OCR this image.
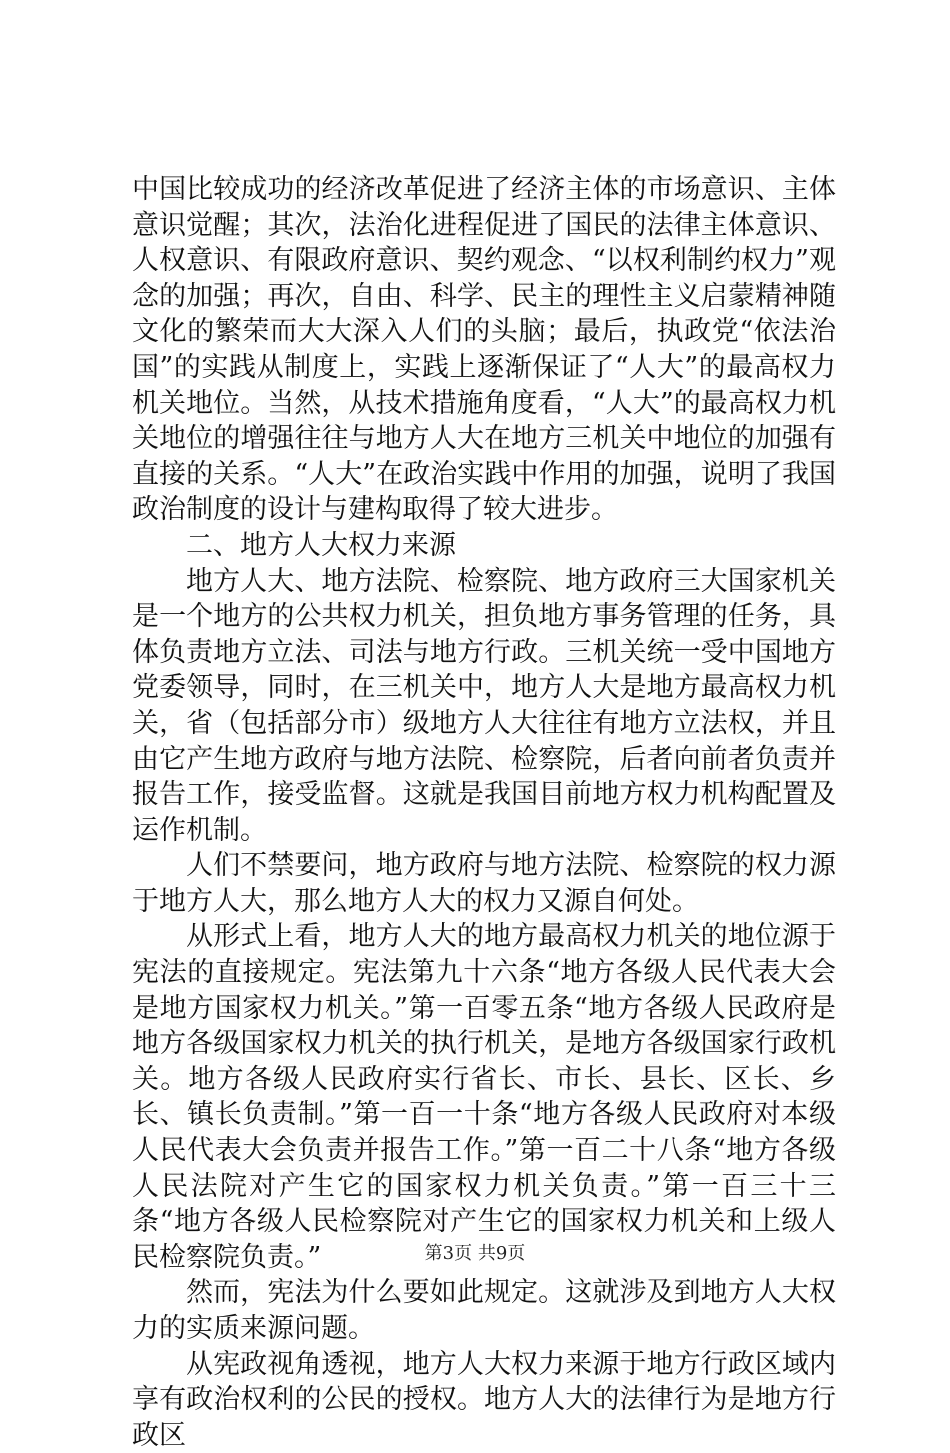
中国比较成功的经济改革促进了经济主体的市场意识、主体意识觉醒；其次，法治化进程促进了国民的法律主体意识、人权意识、有限政府意识、契约观念、“以权利制约权力”观念的加强；再次，自由、科学、民主的理性主义启蒙精神随文化的繁荣而大大深入人们的头脑；最后，执政党“依法治国”的实践从制度上，实践上逐渐保证了“人大”的最高权力机关地位。当然，从技术措施角度看，“人大”的最高权力机关地位的增强往往与地方人大在地方三机关中地位的加强有直接的关系。“人大”在政治实践中作用的加强，说明了我国政治制度的设计与建构取得了较大进步。

二、地方人大权力来源

地方人大、地方法院、检察院、地方政府三大国家机关是一个地方的公共权力机关，担负地方事务管理的任务，具体负责地方立法、司法与地方行政。三机关统一受中国地方党委领导，同时，在三机关中，地方人大是地方最高权力机关，省（包括部分市）级地方人大往往有地方立法权，并且由它产生地方政府与地方法院、检察院，后者向前者负责并报告工作，接受监督。这就是我国目前地方权力机构配置及运作机制。

人们不禁要问，地方政府与地方法院、检察院的权力源于地方人大，那么地方人大的权力又源自何处。

从形式上看，地方人大的地方最高权力机关的地位源于宪法的直接规定。宪法第九十六条“地方各级人民代表大会是地方国家权力机关。”第一百零五条“地方各级人民政府是地方各级国家权力机关的执行机关，是地方各级国家行政机关。地方各级人民政府实行省长、市长、县长、区长、乡长、镇长负责制。”第一百一十条“地方各级人民政府对本级人民代表大会负责并报告工作。”第一百二十八条“地方各级人民法院对产生它的国家权力机关负责。”第一百三十三条“地方各级人民检察院对产生它的国家权力机关和上级人民检察院负责。”

然而，宪法为什么要如此规定。这就涉及到地方人大权力的实质来源问题。

从宪政视角透视，地方人大权力来源于地方行政区域内享有政治权利的公民的授权。地方人大的法律行为是地方行政区

第3页 共9页
